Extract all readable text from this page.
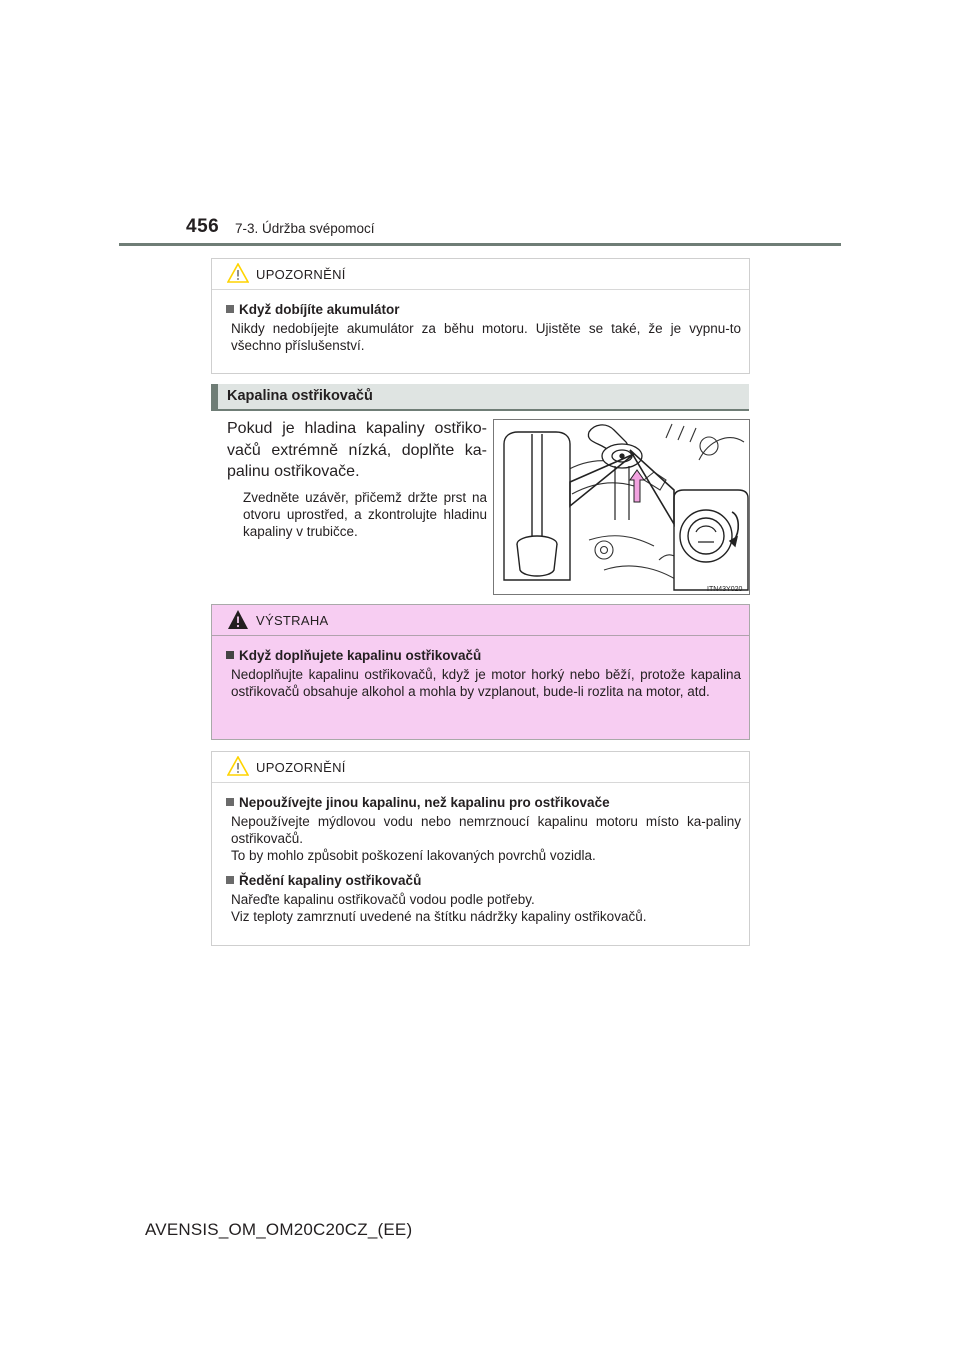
456 7-3. Údržba svépomocí
UPOZORNĚNÍ
Když dobíjíte akumulátor

Nikdy nedobíjejte akumulátor za běhu motoru. Ujistěte se také, že je vypnu-to všechno příslušenství.

Kapalina ostřikovačů
Pokud je hladina kapaliny ostřiko-vačů extrémně nízká, doplňte ka-palinu ostřikovače.
Zvedněte uzávěr, přičemž držte prst na otvoru uprostřed, a zkontrolujte hladinu kapaliny v trubičce.
ITN43Y020
VÝSTRAHA
Když doplňujete kapalinu ostřikovačů

Nedoplňujte kapalinu ostřikovačů, když je motor horký nebo běží, protože kapalina ostřikovačů obsahuje alkohol a mohla by vzplanout, bude-li rozlita na motor, atd.

UPOZORNĚNÍ
Nepoužívejte jinou kapalinu, než kapalinu pro ostřikovače

Nepoužívejte mýdlovou vodu nebo nemrznoucí kapalinu motoru místo ka-paliny ostřikovačů.

To by mohlo způsobit poškození lakovaných povrchů vozidla.

Ředění kapaliny ostřikovačů

Nařeďte kapalinu ostřikovačů vodou podle potřeby.

Viz teploty zamrznutí uvedené na štítku nádržky kapaliny ostřikovačů.

AVENSIS_OM_OM20C20CZ_(EE)
